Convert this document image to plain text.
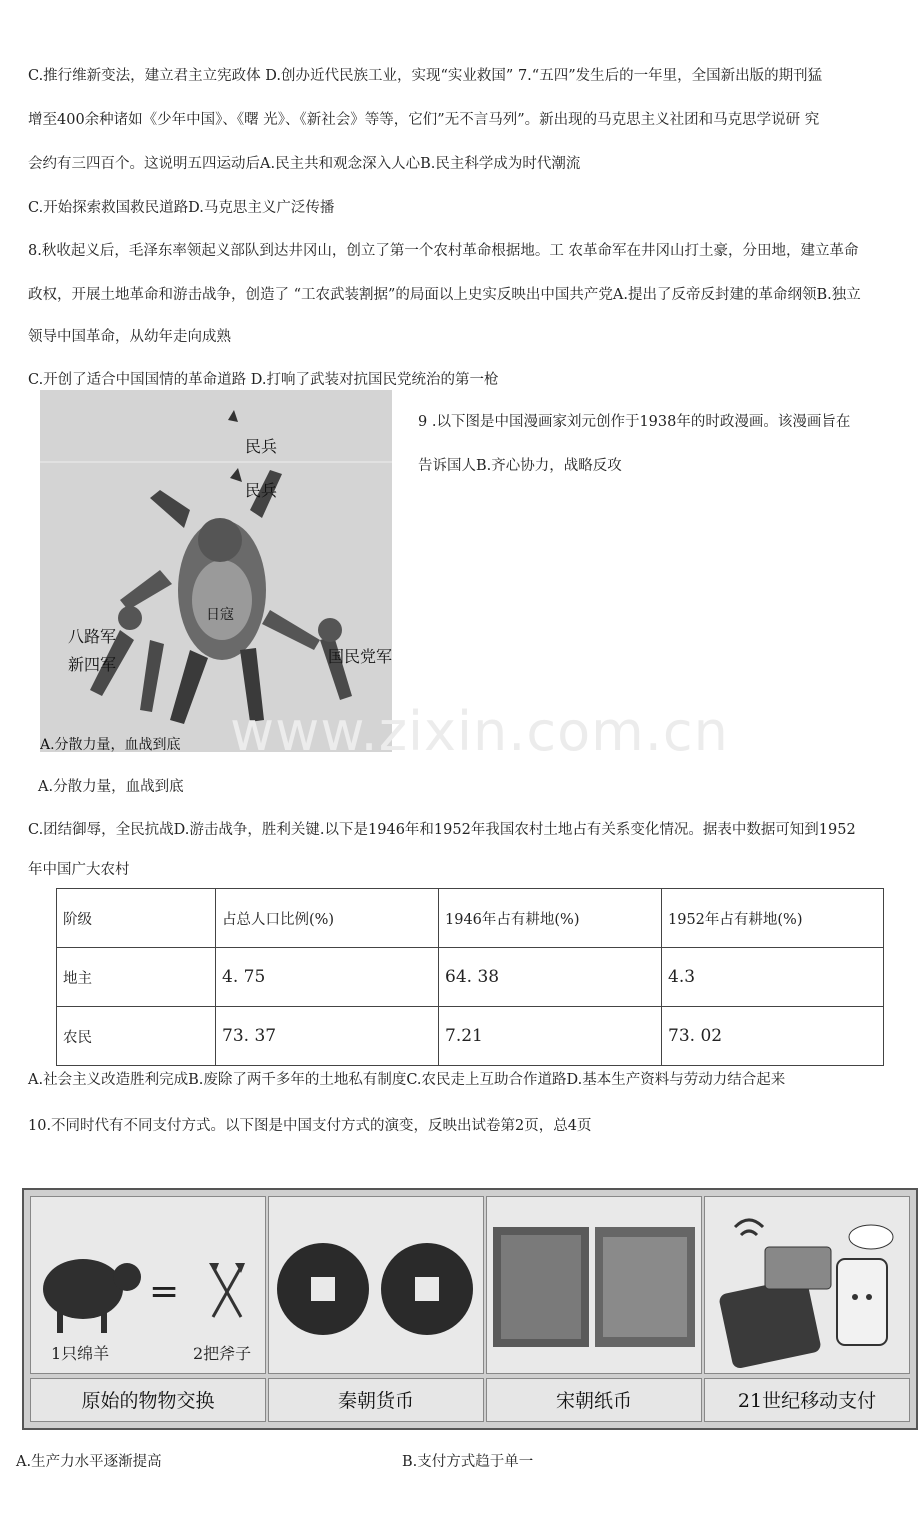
C.推行维新变法，建立君主立宪政体 D.创办近代民族工业，实现“实业救国” 7.“五四”发生后的一年里，全国新出版的期刊猛
增至400余种诸如《少年中国》、《曙 光》、《新社会》等等，它们”无不言马列”。新出现的马克思主义社团和马克思学说研 究
会约有三四百个。这说明五四运动后A.民主共和观念深入人心B.民主科学成为时代潮流
C.开始探索救国救民道路D.马克思主义广泛传播
8.秋收起义后，毛泽东率领起义部队到达井冈山，创立了第一个农村革命根据地。工 农革命军在井冈山打土豪，分田地，建立革命
政权，开展土地革命和游击战争，创造了 “工农武装割据”的局面以上史实反映出中国共产党A.提出了反帝反封建的革命纲领B.独立
领导中国革命，从幼年走向成熟
C.开创了适合中国国情的革命道路 D.打响了武装对抗国民党统治的第一枪
民兵
民兵
日寇
八路军
新四军	国民党军
A.分散力量，血战到底
9 .以下图是中国漫画家刘元创作于1938年的时政漫画。该漫画旨在
告诉国人B.齐心协力，战略反攻
A.分散力量，血战到底
www.zixin.com.cn
C.团结御辱，全民抗战D.游击战争，胜利关键.以下是1946年和1952年我国农村土地占有关系变化情况。据表中数据可知到1952
年中国广大农村
阶级	占总人口比例(%)	1946年占有耕地(%)	1952年占有耕地(%)
地主	4. 75	64. 38	4.3
农民	73. 37	7.21	73. 02
A.社会主义改造胜利完成B.废除了两千多年的土地私有制度C.农民走上互助合作道路D.基本生产资料与劳动力结合起来
10.不同时代有不同支付方式。以下图是中国支付方式的演变，反映出试卷第2页，总4页
=
1只绵羊	2把斧子
原始的物物交换	秦朝货币	宋朝纸币	21世纪移动支付
A.生产力水平逐渐提高	B.支付方式趋于单一
